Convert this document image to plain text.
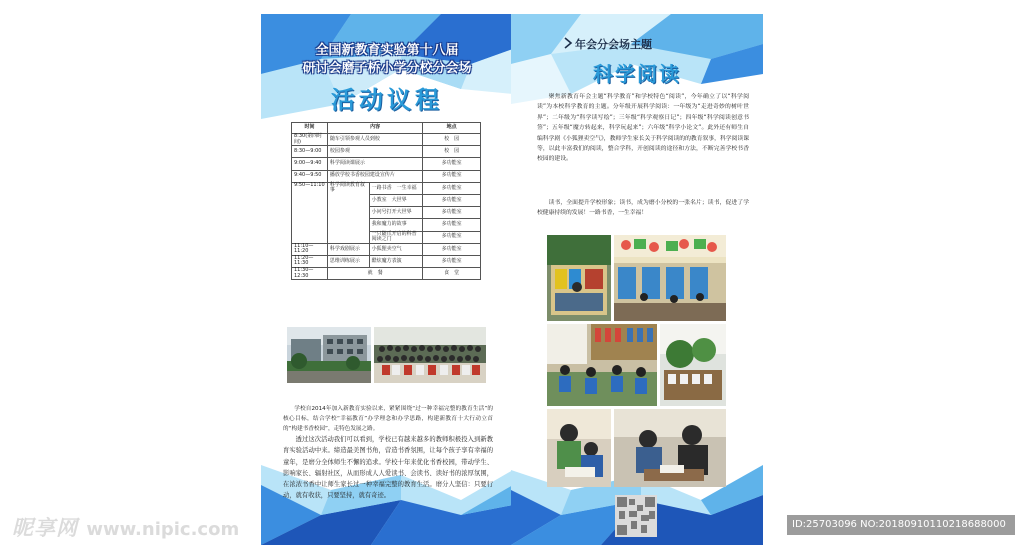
全国新教育实验第十八届
研讨会磨子桥小学分校分会场
活动议程
时间	内容		地点
8:30(第四时间)	随车引领参观人员到校		校　园
8:30—9:00	校园参观		校　园
9:00—9:40	科学阅读课展示		多功能室
9:40—9:50	播放学校书香校园建设宣传片		多功能室
9:50—11:10	科学阅读教育叙事	一路书香　一生幸福	多功能室
		小教室　大世界	多功能室
		小问号打开大世界	多功能室
		我和魔力的故事	多功能室
		一只随爪开启的科普阅读之门	多功能室
11:10—11:20	科学戏剧展示	小狐狸卖空气	多功能室
11:20—11:30	思维训练展示	酷炫魔方表演	多功能室
11:30—12:30	就　餐		食　堂

学校自2014年加入新教育实验以来，紧紧围绕“过一种幸福完整的教育生活”的核心目标，结合学校“幸福教育”办学理念和办学思路，构建新教育十大行动立首的“构建书香校园”，走特色发展之路。

透过这次活动我们可以看到，学校已有越来越多的教师积极投入到新教育实验活动中来。缔造最美图书角，营造书香氛围，让每个孩子享有幸福的童年，是磨分全体师生不懈的追求。学校十年来优化书香校园，带动学生、影响家长、辐射社区，从而形成人人爱读书、会读书、读好书的浓厚氛围，在浓浓书香中让师生家长过一种幸福完整的教育生活。磨分人坚信：只要行动，就有收获，只要坚持，就有奇迹。

年会分会场主题
科学阅读

聚焦新教育年会主题“科学教育”和学校特色“阅读”，今年确立了以“科学阅读”为本校科学教育的主题。分年级开展科学阅读：一年级为“走进奇妙的树叶世界”；二年级为“科学读写绘”；三年级“科学观察日记”；四年级“科学阅读创意书签”；五年级“魔方转起来，科学玩起来”；六年级“科学小论文”。此外还有师生自编科学剧《小狐狸卖空气》，教师学生家长关于科学阅读的的教育叙事，科学阅读课等，以此丰富我们的阅读，整合学科，开创阅读的途径和方法，不断完善学校书香校园的建设。

读书，全面提升学校形象；读书，成为磨小分校的一张名片；读书，促进了学校健康持续的发展！一路书香，一生幸福！

昵享网 www.nipic.com	ID:25703096 NO:20180910110218688000
